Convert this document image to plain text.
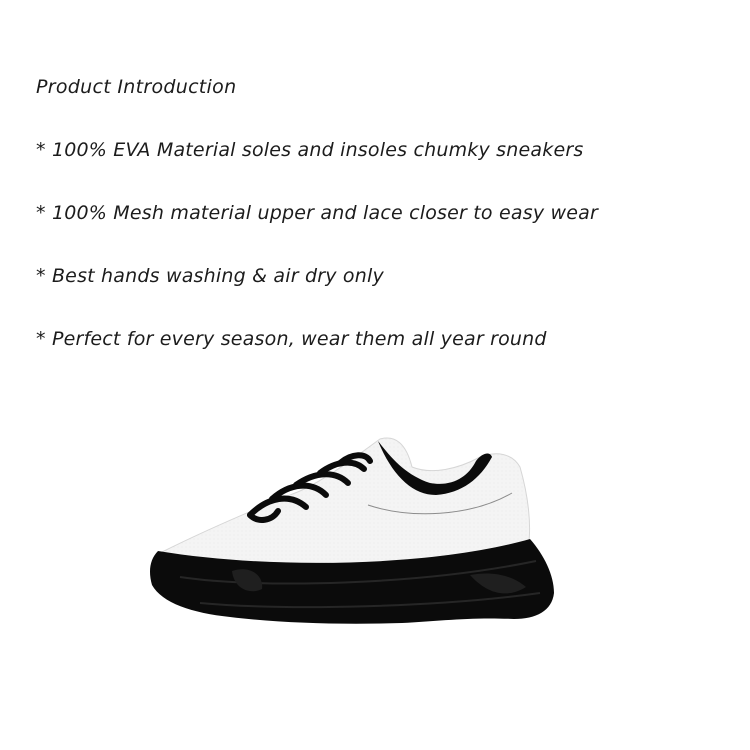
Product Introduction
* 100% EVA Material soles and insoles chumky sneakers
* 100% Mesh material upper and lace closer to easy wear
* Best hands washing & air dry only
* Perfect for every season, wear them all year round
